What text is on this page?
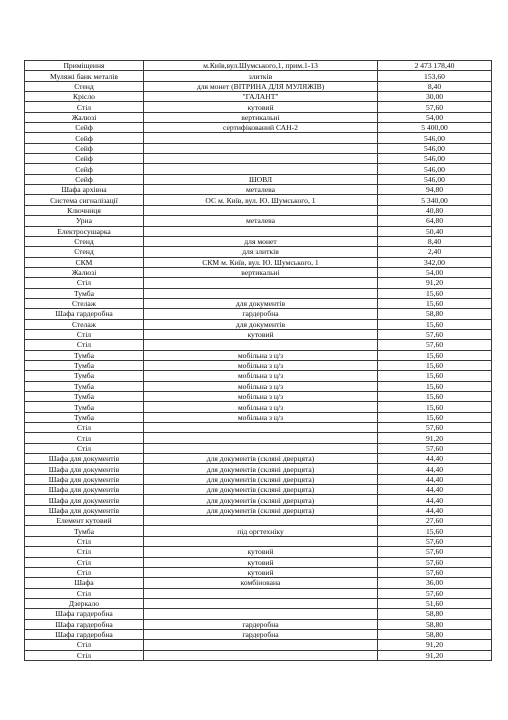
Приміщення	м.Київ,вул.Шумського,1, прим.1-13	2 473 178,40
Муляжі банк металів	злитків	153,60
Стенд	для монет (ВІТРИНА ДЛЯ МУЛЯЖІВ)	8,40
Крісло	"ГАЛАНТ"	30,00
Стіл	кутовий	57,60
Жалюзі	вертикальні	54,00
Сейф	сертифікований САН-2	5 400,00
Сейф		546,00
Сейф		546,00
Сейф		546,00
Сейф		546,00
Сейф	ШОВЛ	546,00
Шафа архівна	металева	94,80
Система сигналізації	ОС м. Київ, вул. Ю. Шумського, 1	5 340,00
Ключниця		40,80
Урна	металева	64,80
Електросушарка		50,40
Стенд	для монет	8,40
Стенд	для злитків	2,40
СКМ	СКМ м. Київ, вул. Ю. Шумського, 1	342,00
Жалюзі	вертикальні	54,00
Стіл		91,20
Тумба		15,60
Стелаж	для документів	15,60
Шафа гардеробна	гардеробна	58,80
Стелаж	для документів	15,60
Стіл	кутовий	57,60
Стіл		57,60
Тумба	мобільна з ц/з	15,60
Тумба	мобільна з ц/з	15,60
Тумба	мобільна з ц/з	15,60
Тумба	мобільна з ц/з	15,60
Тумба	мобільна з ц/з	15,60
Тумба	мобільна з ц/з	15,60
Тумба	мобільна з ц/з	15,60
Стіл		57,60
Стіл		91,20
Стіл		57,60
Шафа для документів	для документів (скляні дверцята)	44,40
Шафа для документів	для документів (скляні дверцята)	44,40
Шафа для документів	для документів (скляні дверцята)	44,40
Шафа для документів	для документів (скляні дверцята)	44,40
Шафа для документів	для документів (скляні дверцята)	44,40
Шафа для документів	для документів (скляні дверцята)	44,40
Елемент кутовий		27,60
Тумба	під оргтехніку	15,60
Стіл		57,60
Стіл	кутовий	57,60
Стіл	кутовий	57,60
Стіл	кутовий	57,60
Шафа	комбінована	36,00
Стіл		57,60
Дзеркало		51,60
Шафа гардеробна		58,80
Шафа гардеробна	гардеробна	58,80
Шафа гардеробна	гардеробна	58,80
Стіл		91,20
Стіл		91,20
